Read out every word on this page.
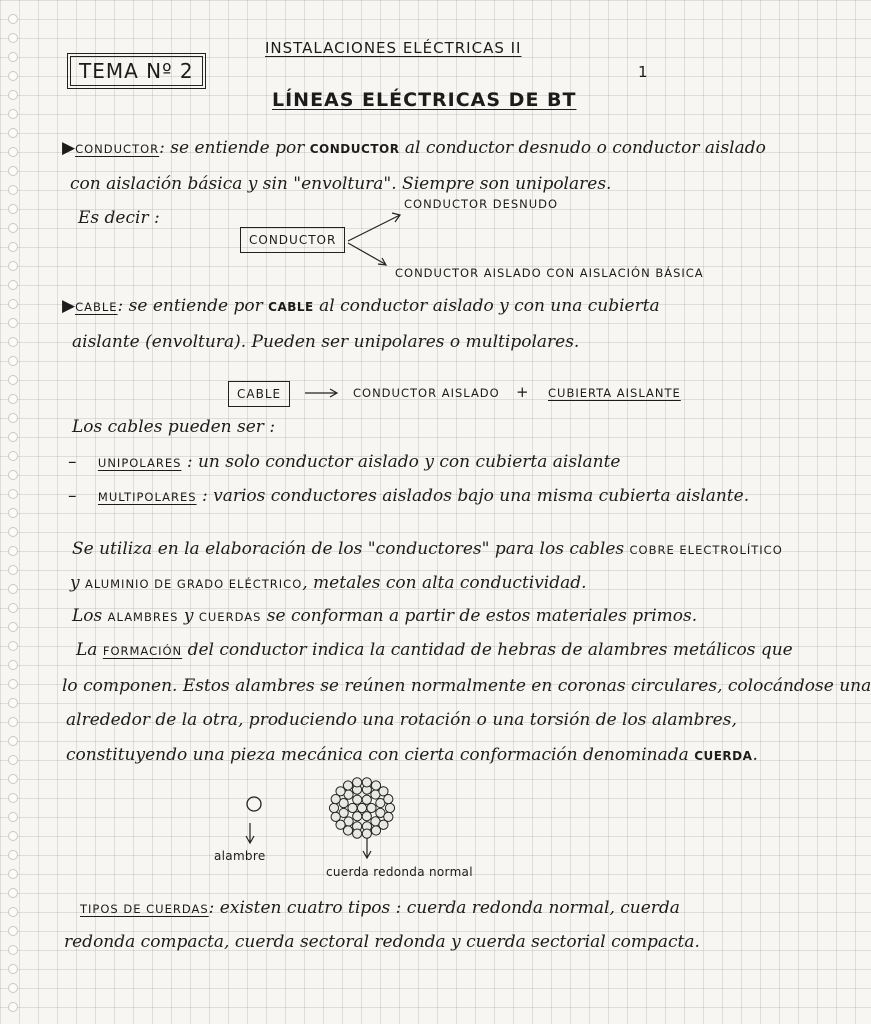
TEMA Nº 2
INSTALACIONES ELÉCTRICAS II
1
LÍNEAS ELÉCTRICAS DE BT
▶CONDUCTOR: se entiende por CONDUCTOR al conductor desnudo o conductor aislado
con aislación básica y sin "envoltura". Siempre son unipolares.
Es decir :
CONDUCTOR
CONDUCTOR DESNUDO
CONDUCTOR AISLADO CON AISLACIÓN BÁSICA
▶CABLE: se entiende por CABLE al conductor aislado y con una cubierta
aislante (envoltura). Pueden ser unipolares o multipolares.
CABLE	CONDUCTOR AISLADO + CUBIERTA AISLANTE
Los cables pueden ser :
– UNIPOLARES : un solo conductor aislado y con cubierta aislante
– MULTIPOLARES : varios conductores aislados bajo una misma cubierta aislante.
Se utiliza en la elaboración de los "conductores" para los cables COBRE ELECTROLÍTICO
y ALUMINIO DE GRADO ELÉCTRICO, metales con alta conductividad.
Los ALAMBRES y CUERDAS se conforman a partir de estos materiales primos.
La FORMACIÓN del conductor indica la cantidad de hebras de alambres metálicos que
lo componen. Estos alambres se reúnen normalmente en coronas circulares, colocándose una
alrededor de la otra, produciendo una rotación o una torsión de los alambres,
constituyendo una pieza mecánica con cierta conformación denominada CUERDA.
alambre
cuerda redonda normal
TIPOS DE CUERDAS: existen cuatro tipos : cuerda redonda normal, cuerda
redonda compacta, cuerda sectoral redonda y cuerda sectorial compacta.
